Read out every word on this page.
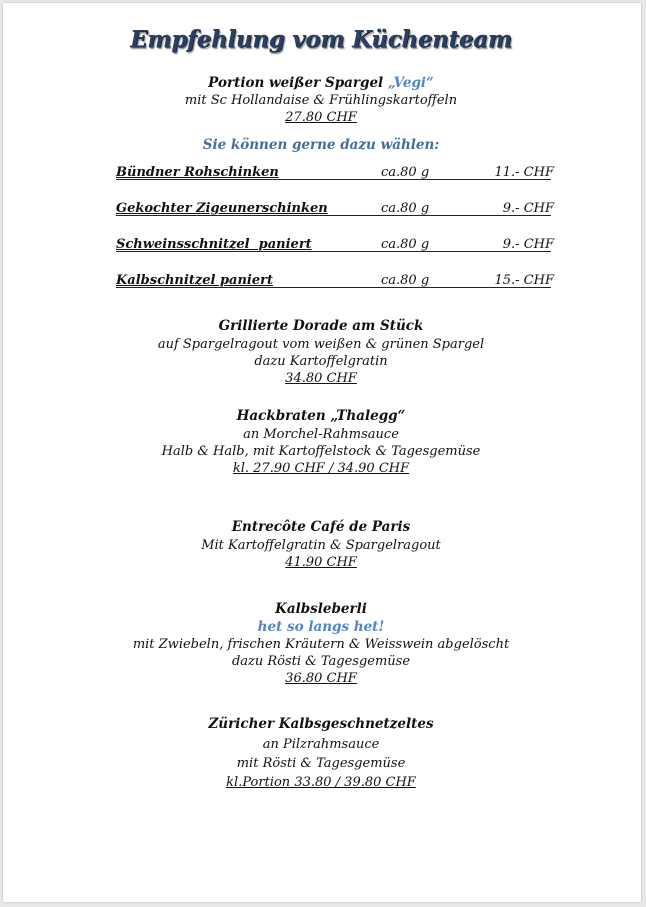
Empfehlung vom Küchenteam
Portion weißer Spargel „Vegi“
mit Sc Hollandaise & Frühlingskartoffeln
27.80 CHF
Sie können gerne dazu wählen:
Bündner Rohschinken	ca.80 g	11.- CHF
Gekochter Zigeunerschinken	ca.80 g	9.- CHF
Schweinsschnitzel  paniert	ca.80 g	9.- CHF
Kalbschnitzel paniert	ca.80 g	15.- CHF
Grillierte Dorade am Stück
auf Spargelragout vom weißen & grünen Spargel
dazu Kartoffelgratin
34.80 CHF
Hackbraten „Thalegg“
an Morchel-Rahmsauce
Halb & Halb, mit Kartoffelstock & Tagesgemüse
kl. 27.90 CHF / 34.90 CHF
Entrecôte Café de Paris
Mit Kartoffelgratin & Spargelragout
41.90 CHF
Kalbsleberli
het so langs het!
mit Zwiebeln, frischen Kräutern & Weisswein abgelöscht
dazu Rösti & Tagesgemüse
36.80 CHF
Züricher Kalbsgeschnetzeltes
an Pilzrahmsauce
mit Rösti & Tagesgemüse
kl.Portion 33.80 / 39.80 CHF
